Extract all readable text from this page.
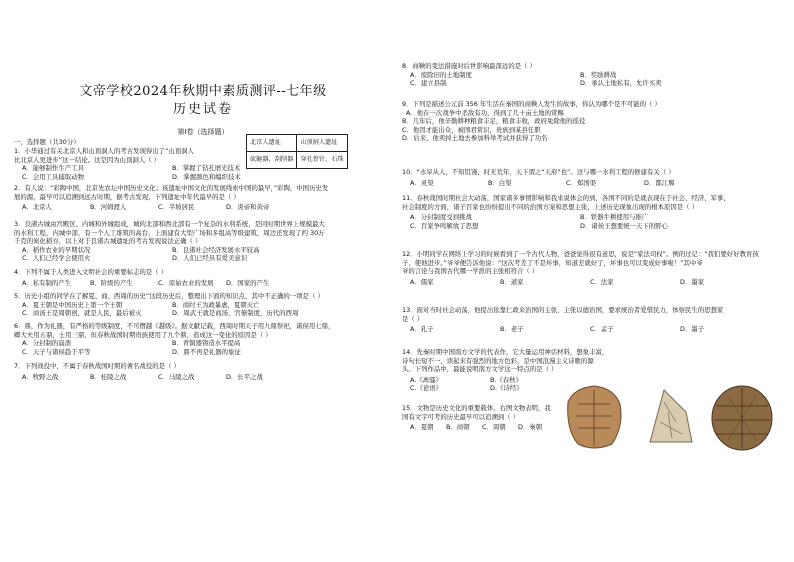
文帝学校2024年秋期中素质测评--七年级
历史试卷
第Ⅰ卷（选择题）
一、选择题（共30分）	北京人遗址	山顶洞人遗址
砍砸器、刮削器	穿孔骨针，石珠
1．小华通过有关北京人和山顶洞人的考古发现得出了“山顶洞人
比北京人更进步”这一结论。这是因为山顶洞人（ ）
A．能够制作生产工具	B．掌握了钻孔磨光技术
C．会用工具捕取动物	D．掌握颜色和编织技术
2．有人说：“彩陶中国，北京先农坛中国历史文化；该遗址中国文化的发展线索中国的最早，”彩陶，中国历史发
展的源，最早可以追溯到远古时期，据考古发现，下列遗址中年代最早的是（ ）
A．北京人	B．河姆渡人	C．半坡居民	D．炎帝和黄帝
3．良渚古城由宫殿区、内城和外城组成，城的北部和西北部有一个复杂的水利系统，是同时期世界上规模最大
的水利工程，内城中部，有一个人工堆筑的高台，上面建有大型广场和多组高等级建筑，周边还发现了约 30万
千克的炭化稻谷，以上对于良渚古城遗址的考古发现说法正确（ ）
A．稻作农业的早期状况	B．良渚社会经济发展水平较高
C．人们已经学会使用火	D．人们已经具有爱美意识
4．下列不属于人类进入文明社会的重要标志的是（ ）
A．私有制的产生	B．阶级的产生	C．原始农业的发展	D．国家的产生
5．历史小组的同学在了解夏、商、西周的历史“这段历史后，整理出下面的知识点，其中不正确的一项是（ ）
A．夏王朝是中国历史上第一个王朝	B．商纣王为政暴虐，夏朝灭亡
C．商汤王是周朝创，就是人民，最后被灭	D．周武王就是商汤，官僚制度，历代的西周
6．鼎，作为礼器，有严格的等级制度，不可僭越《越级》。据文献记载，西周时期天子用九鼎祭祀，诸侯用七鼎，
卿大夫用五鼎，士用三鼎，但春秋战国时期贵族使用了九个鼎，造成这一变化的原因是（ ）
A．分封制的崩溃	B．青铜器铸造水平提高
C．天子与诸侯趋于平等	D．鼎不再是礼器的象征
7．下列战役中，不属于春秋战国时期的著名战役的是（ ）
A．牧野之战	B．桂陵之战	C．马陵之战	D．长平之战
8．商鞅的变法措施对后世影响最深远的是（ ）
A．废除旧的土地制度	B．奖励耕战
C．建立县制	D．承认土地私有，允许买卖
9．下列是描述公元前 356 年生活在秦国的商鞅人发生的故事，你认为哪个是不可能的（ ）
A．他在一次战争中杀敌有功，得到了几十亩土地的赏赐
B．几年后，他辛勤耕种粮食丰足，粮食丰收，政府免除他的徭役
C．他因才能出众，被国君赏识，贵族到某县任职
D．后来，他卖掉土地去参加科举考试并获得了功名
10．“水旱从人，不知饥馑，时无荒年，天下谓之“天府”也”。这与哪一水利工程的修建有关（ ）
A．灵渠	B．白渠	C．郑国渠	D．都江堰
11．春秋战国时期社会大动荡，国家诸多事情影响和我来说体会的到，各国不同的是就表现在于社会、经济、军事、
社会制度的方面，诸子百家也纷纷提出不同的治国方案和思想主张，上述历史现象出现的根本原因是（ ）
A．分封制度受到挑战	B．铁器牛耕使用与推广
C．百家争鸣解放了思想	D．诸侯王想要统一天下的野心
12．小明同学在网络上学习的时候看到了一个古代人物，爸爸觉得很有意思，说是“家法司权”。例的过记：“我们要好好教育孩
子，使他进步。”爷爷便告诉他说：“这次考差了不是坏事，知道差就好了，坏事也可以变成好事啦！”其中爷
爷的言论与我国古代哪一学派的主张相符合（ ）
A．儒家	B．道家	C．法家	D．墨家
13．面对当时社会动荡，他提出依靠仁政来治国的主张，主张以德治国，要求统治者爱惜民力，体察民生的思想家
是（ ）
A．孔子	B．老子	C．孟子	D．墨子
14．先秦时期中国南方文学的代表作，它大量运用神话材料，想象丰富，
诗句长短不一，读起来有强烈的地方色彩，是中国浪漫主义诗歌的源
头。下列作品中，最能说明南方文学这一特点的是（ ）
A.《离骚》	B.《春秋》
C.《论语》	D.《诗经》
15．文物是历史文化的重要载体，右图文物表明，我
国有文字可考的历史最早可以追溯到（ ）
A．夏朝	B．商朝	C．周朝	D．秦朝
